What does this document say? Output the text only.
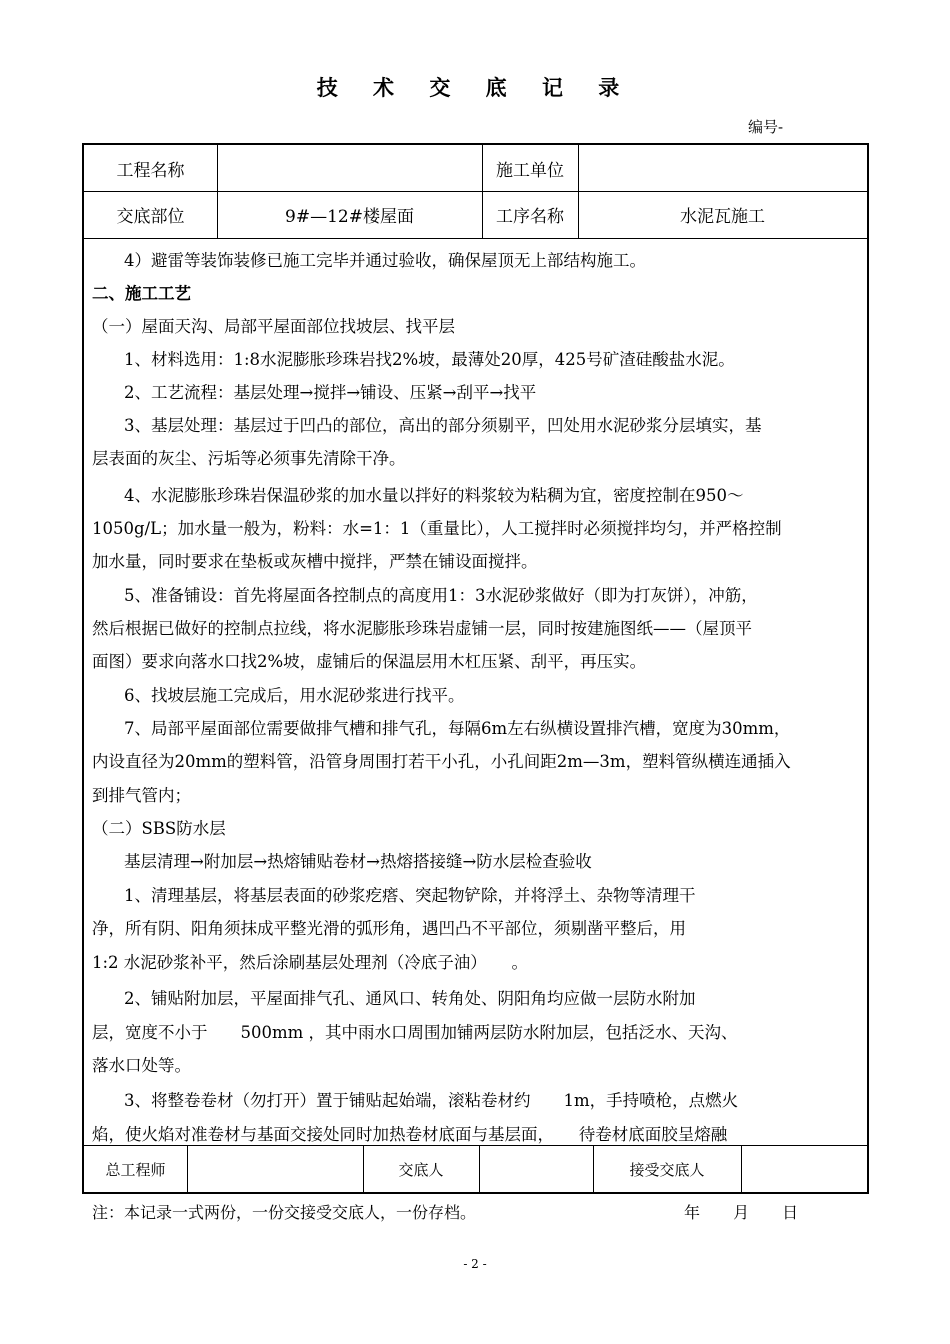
技 术 交 底 记 录
编号-
工程名称	施工单位
交底部位	9#—12#楼屋面	工序名称	水泥瓦施工
4）避雷等装饰装修已施工完毕并通过验收，确保屋顶无上部结构施工。
二、施工工艺
（一）屋面天沟、局部平屋面部位找坡层、找平层
1、材料选用：1:8水泥膨胀珍珠岩找2%坡，最薄处20厚，425号矿渣硅酸盐水泥。
2、工艺流程：基层处理→搅拌→铺设、压紧→刮平→找平
3、基层处理：基层过于凹凸的部位，高出的部分须剔平，凹处用水泥砂浆分层填实，基
层表面的灰尘、污垢等必须事先清除干净。
4、水泥膨胀珍珠岩保温砂浆的加水量以拌好的料浆较为粘稠为宜，密度控制在950～
1050g/L；加水量一般为，粉料：水=1：1（重量比），人工搅拌时必须搅拌均匀，并严格控制
加水量，同时要求在垫板或灰槽中搅拌，严禁在铺设面搅拌。
5、准备铺设：首先将屋面各控制点的高度用1：3水泥砂浆做好（即为打灰饼），冲筋，
然后根据已做好的控制点拉线，将水泥膨胀珍珠岩虚铺一层，同时按建施图纸——（屋顶平
面图）要求向落水口找2%坡，虚铺后的保温层用木杠压紧、刮平，再压实。
6、找坡层施工完成后，用水泥砂浆进行找平。
7、局部平屋面部位需要做排气槽和排气孔，每隔6m左右纵横设置排汽槽，宽度为30mm，
内设直径为20mm的塑料管，沿管身周围打若干小孔，小孔间距2m—3m，塑料管纵横连通插入
到排气管内；
（二）SBS防水层
基层清理→附加层→热熔铺贴卷材→热熔搭接缝→防水层检查验收
1、清理基层，将基层表面的砂浆疙瘩、突起物铲除，并将浮土、杂物等清理干
净，所有阴、阳角须抹成平整光滑的弧形角，遇凹凸不平部位，须剔凿平整后，用
1:2 水泥砂浆补平，然后涂刷基层处理剂（冷底子油）　　。
2、铺贴附加层，平屋面排气孔、通风口、转角处、阴阳角均应做一层防水附加
层，宽度不小于　　500mm ，其中雨水口周围加铺两层防水附加层，包括泛水、天沟、
落水口处等。
3、将整卷卷材（勿打开）置于铺贴起始端，滚粘卷材约　　1m，手持喷枪，点燃火
焰，使火焰对准卷材与基面交接处同时加热卷材底面与基层面，　　待卷材底面胶呈熔融
总工程师	交底人	接受交底人
注：本记录一式两份，一份交接受交底人，一份存档。	年 月 日
- 2 -
